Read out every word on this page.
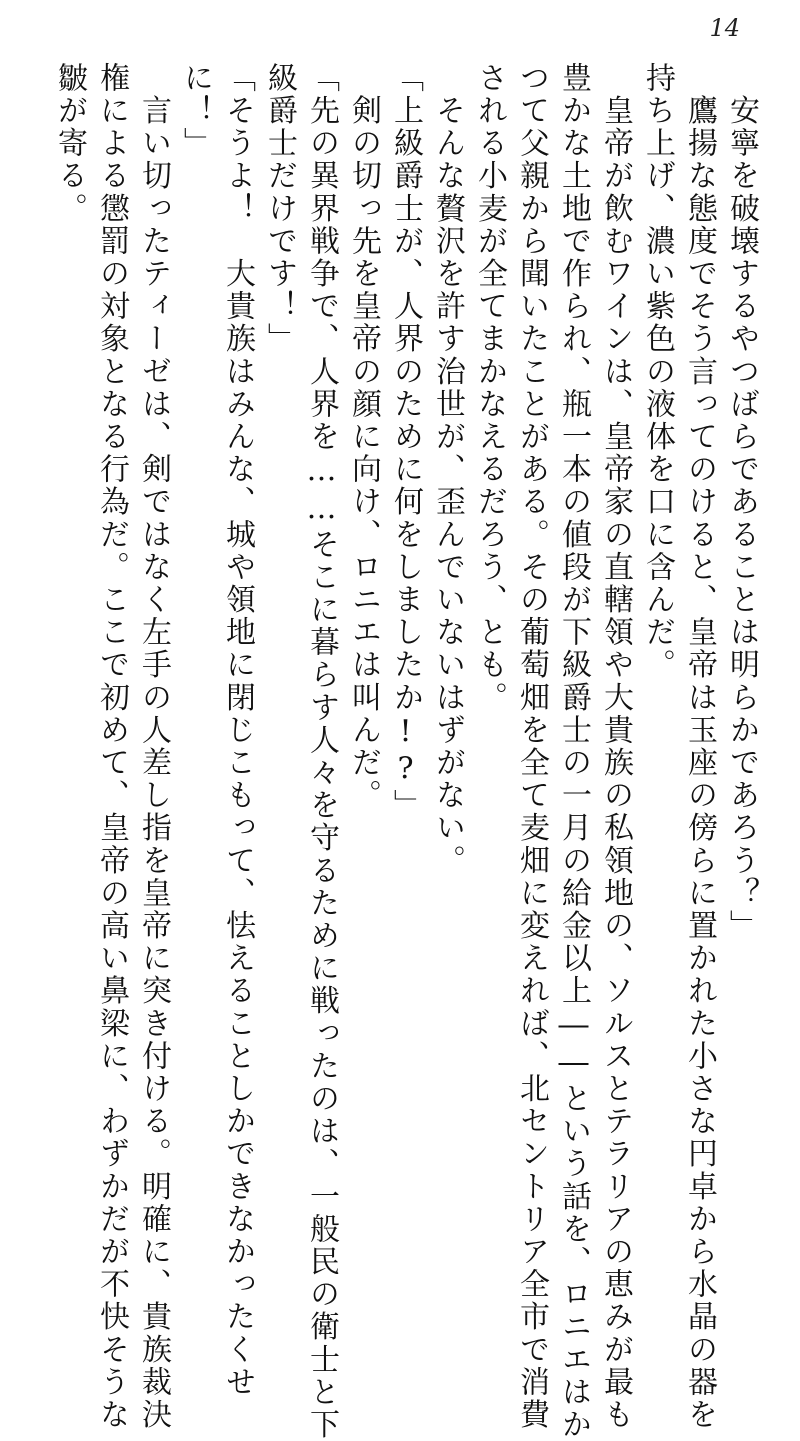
14
　安寧を破壊するやつばらであることは明らかであろう？」
　鷹揚な態度でそう言ってのけると、皇帝は玉座の傍らに置かれた小さな円卓から水晶の器を
持ち上げ、濃い紫色の液体を口に含んだ。
　皇帝が飲むワインは、皇帝家の直轄領や大貴族の私領地の、ソルスとテラリアの恵みが最も
豊かな土地で作られ、瓶一本の値段が下級爵士の一月の給金以上――という話を、ロニエはか
つて父親から聞いたことがある。その葡萄畑を全て麦畑に変えれば、北セントリア全市で消費
される小麦が全てまかなえるだろう、とも。
　そんな贅沢を許す治世が、歪んでいないはずがない。
「上級爵士が、人界のために何をしましたか!?」
　剣の切っ先を皇帝の顔に向け、ロニエは叫んだ。
「先の異界戦争で、人界を……そこに暮らす人々を守るために戦ったのは、一般民の衛士と下
級爵士だけです！」
「そうよ！　大貴族はみんな、城や領地に閉じこもって、怯えることしかできなかったくせ
に！」
　言い切ったティーゼは、剣ではなく左手の人差し指を皇帝に突き付ける。明確に、貴族裁決
権による懲罰の対象となる行為だ。ここで初めて、皇帝の高い鼻梁に、わずかだが不快そうな
皺が寄る。
